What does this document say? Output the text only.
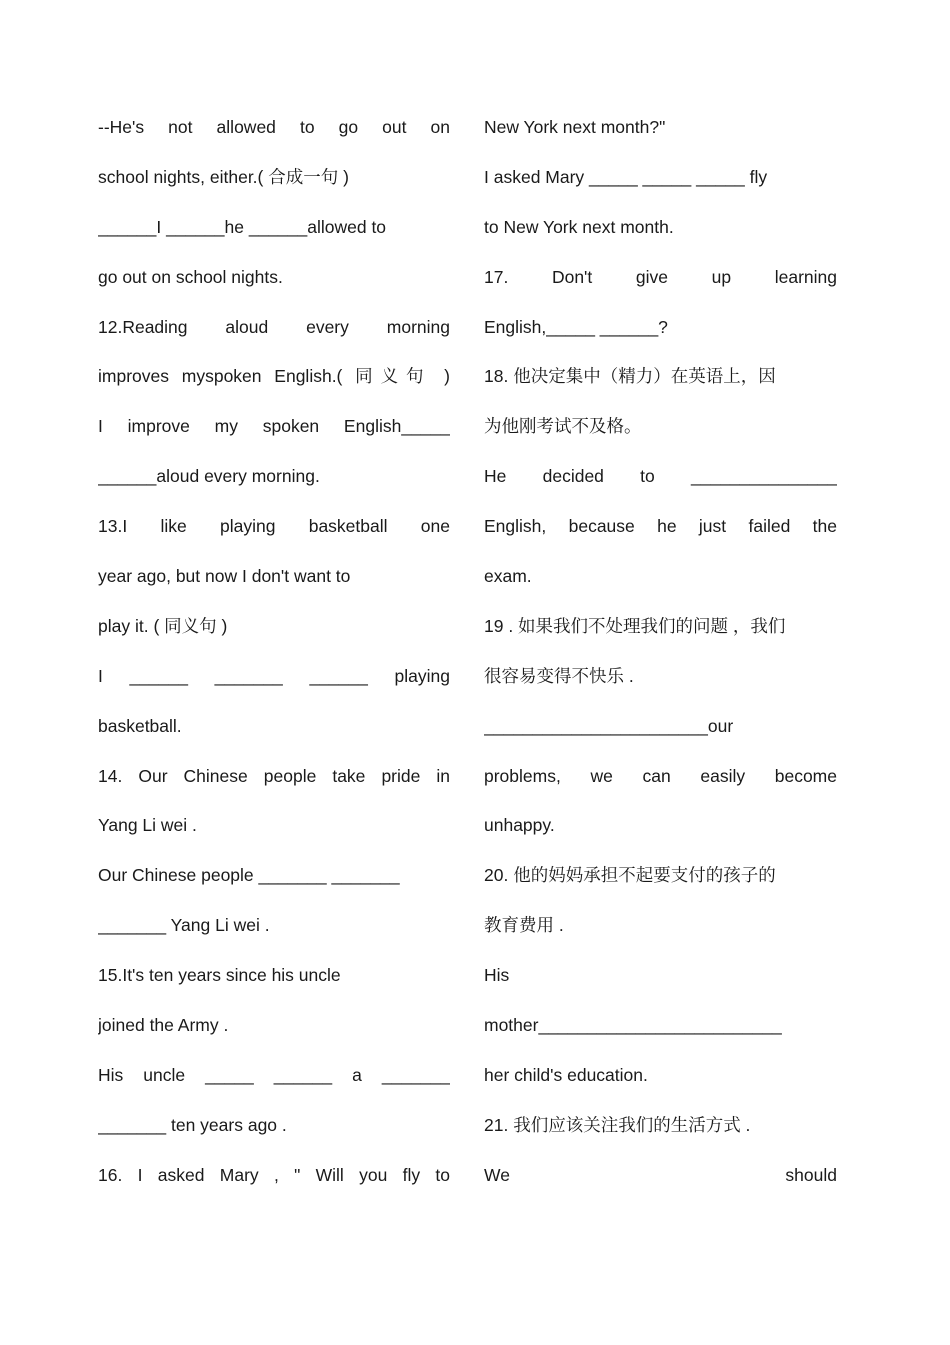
--He's not allowed to go out on
school nights, either.( 合成一句 )
______I ______he ______allowed to
go out on school nights.
12.Reading aloud every morning
improves myspoken English.( 同义句 )
I improve my spoken English_____
______aloud every morning.
13.I like playing basketball one
year ago, but now I don't want to
play it. ( 同义句 )
I ______ _______ ______ playing
basketball.
14. Our Chinese people take pride in
Yang Li wei .
Our Chinese people _______ _______
_______ Yang Li wei .
15.It's ten years since his uncle
joined the Army .
His uncle _____ ______ a _______
_______ ten years ago .
16. I asked Mary , " Will you fly to
New York next month?"
I asked Mary _____ _____ _____ fly
to New York next month.
17. Don't give up learning
English,_____ ______?
18. 他决定集中（精力）在英语上，因
为他刚考试不及格。
He decided to _______________
English, because he just failed the
exam.
19 . 如果我们不处理我们的问题 ，我们
很容易变得不快乐 .
_______________________our
problems, we can easily become
unhappy.
20. 他的妈妈承担不起要支付的孩子的
教育费用 .
His
mother_________________________
her child's education.
21. 我们应该关注我们的生活方式 .
We should
